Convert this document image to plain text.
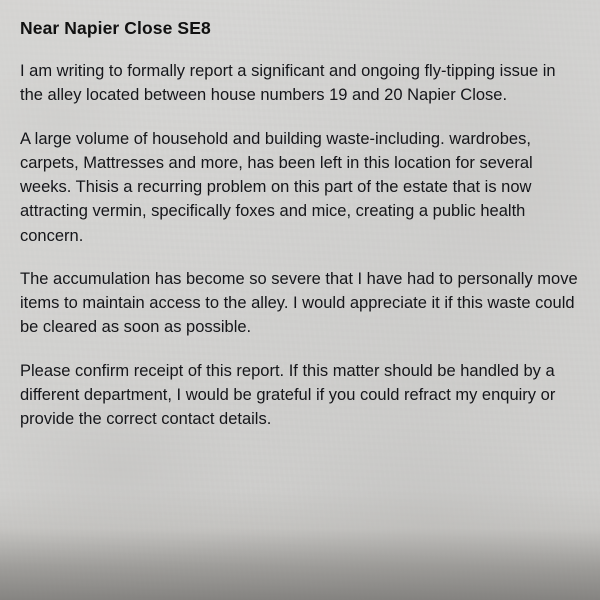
Near Napier Close SE8

I am writing to formally report a significant and ongoing fly-tipping issue in the alley located between house numbers 19 and 20 Napier Close.

A large volume of household and building waste-including. wardrobes, carpets, Mattresses and more, has been left in this location for several weeks. Thisis a recurring problem on this part of the estate that is now attracting vermin, specifically foxes and mice, creating a public health concern.

The accumulation has become so severe that I have had to personally move items to maintain access to the alley. I would appreciate it if this waste could be cleared as soon as possible.

Please confirm receipt of this report. If this matter should be handled by a different department, I would be grateful if you could refract my enquiry or provide the correct contact details.
